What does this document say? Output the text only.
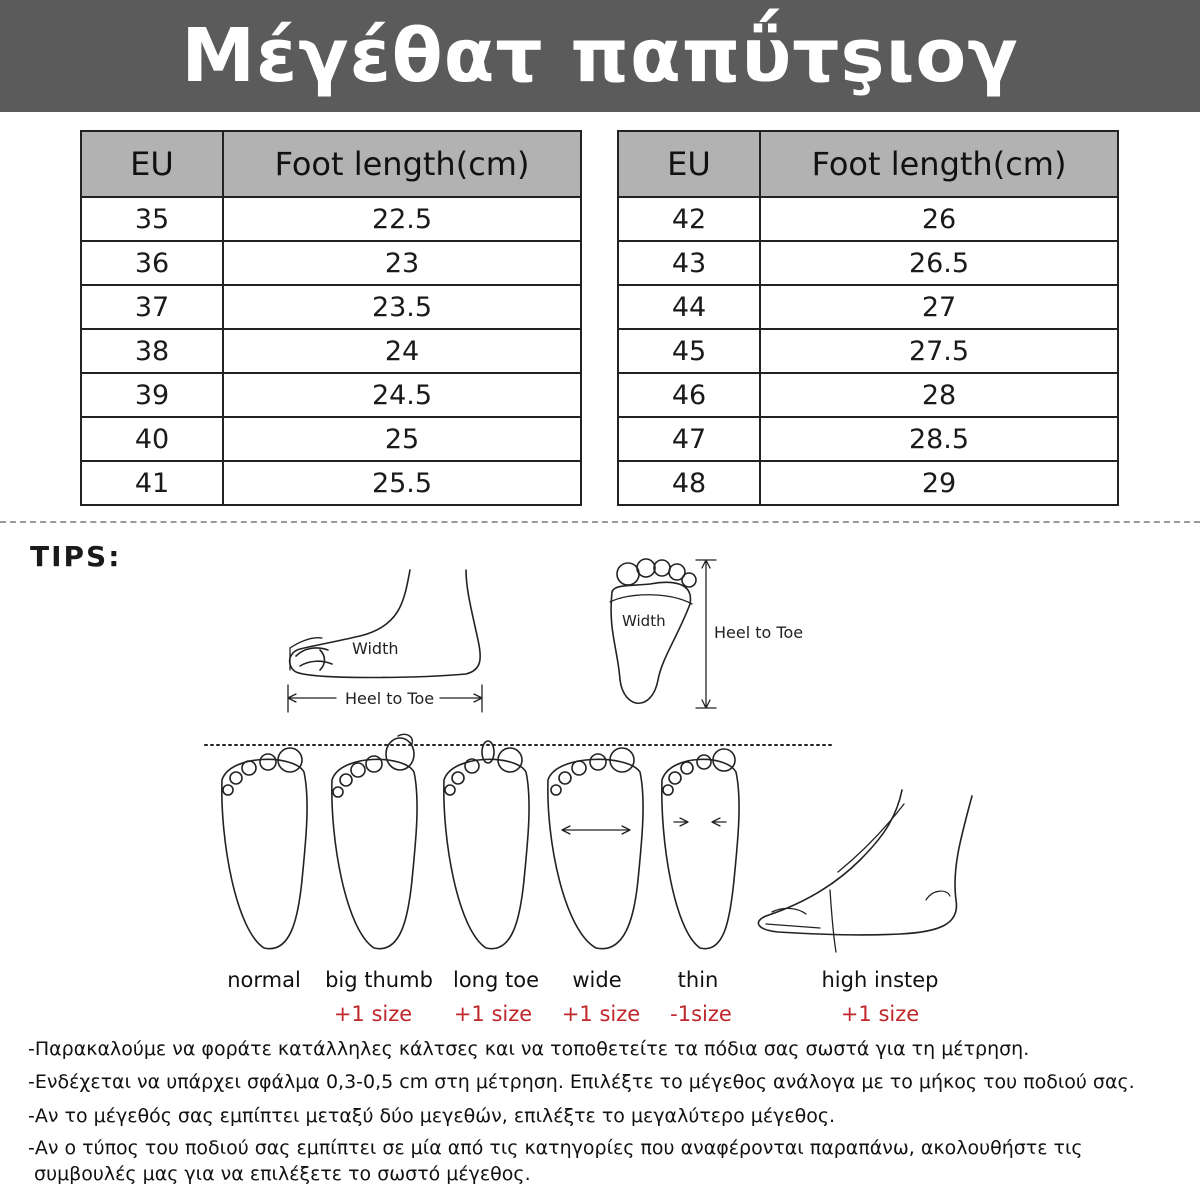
Μέγέθατ παπΰτşιoγ
EU	Foot length(cm)
35	22.5
36	23
37	23.5
38	24
39	24.5
40	25
41	25.5
EU	Foot length(cm)
42	26
43	26.5
44	27
45	27.5
46	28
47	28.5
48	29
TIPS:
Width
Heel to Toe
Width
Heel to Toe
normal big thumb long toe wide	thin	high instep
+1 size +1 size +1 size -1size	+1 size
-Παρακαλούμε να φοράτε κατάλληλες κάλτσες και να τοποθετείτε τα πόδια σας σωστά για τη μέτρηση.
-Ενδέχεται να υπάρχει σφάλμα 0,3-0,5 cm στη μέτρηση. Επιλέξτε το μέγεθος ανάλογα με το μήκος του ποδιού σας.
-Αν το μέγεθός σας εμπίπτει μεταξύ δύο μεγεθών, επιλέξτε το μεγαλύτερο μέγεθος.
-Αν ο τύπος του ποδιού σας εμπίπτει σε μία από τις κατηγορίες που αναφέρονται παραπάνω, ακολουθήστε τις
συμβουλές μας για να επιλέξετε το σωστό μέγεθος.
